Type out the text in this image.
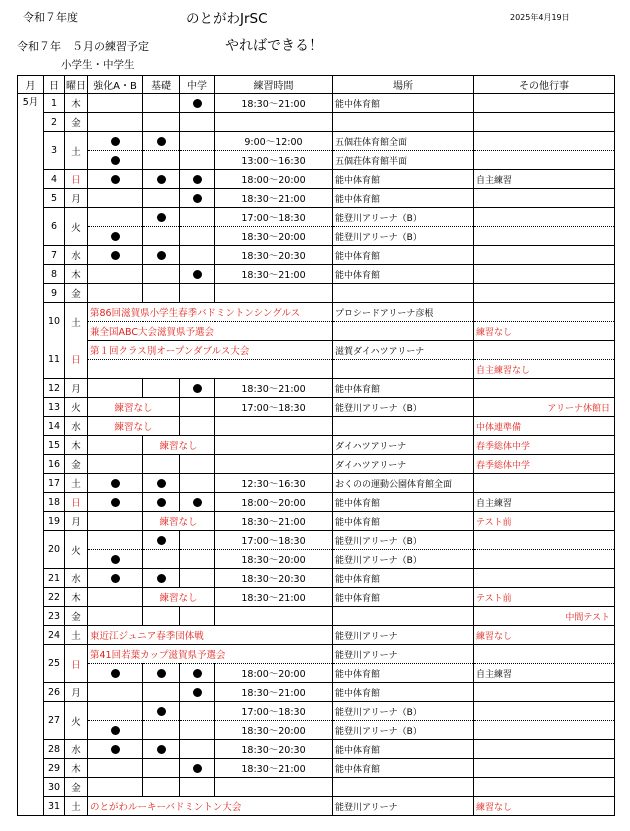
令和７年度	のとがわJrSC	2025年4月19日
令和７年　５月の練習予定	やればできる！
小学生・中学生
月	日	曜日	強化A・B	基礎	中学	練習時間	場所	その他行事
5月	1	木				18:30～21:00	能中体育館	
	2	金						
	3	土				9:00～12:00	五個荘体育館全面	
						13:00～16:30	五個荘体育館半面	
	4	日				18:00～20:00	能中体育館	自主練習
	5	月				18:30～21:00	能中体育館	
	6	火				17:00～18:30	能登川アリーナ（B）	
						18:30～20:00	能登川アリーナ（B）	
	7	水				18:30～20:30	能中体育館	
	8	木				18:30～21:00	能中体育館	
	9	金						
	10	土	第86回滋賀県小学生春季バドミントンシングルス				プロシードアリーナ彦根	
			兼全国ABC大会滋賀県予選会					練習なし
	11	日	第１回クラス別オープンダブルス大会				滋賀ダイハツアリーナ	
								自主練習なし
	12	月				18:30～21:00	能中体育館	
	13	火	練習なし			17:00～18:30	能登川アリーナ（B）	アリーナ休館日
	14	水	練習なし					中体連準備
	15	木		練習なし			ダイハツアリーナ	春季総体中学
	16	金					ダイハツアリーナ	春季総体中学
	17	土				12:30～16:30	おくのの運動公園体育館全面	
	18	日				18:00～20:00	能中体育館	自主練習
	19	月		練習なし		18:30～21:00	能中体育館	テスト前
	20	火				17:00～18:30	能登川アリーナ（B）	
						18:30～20:00	能登川アリーナ（B）	
	21	水				18:30～20:30	能中体育館	
	22	木		練習なし		18:30～21:00	能中体育館	テスト前
	23	金						中間テスト
	24	土	東近江ジュニア春季団体戦				能登川アリーナ	練習なし
	25	日	第41回若葉カップ滋賀県予選会				能登川アリーナ	
						18:00～20:00	能中体育館	自主練習
	26	月				18:30～21:00	能中体育館	
	27	火				17:00～18:30	能登川アリーナ（B）	
						18:30～20:00	能登川アリーナ（B）	
	28	水				18:30～20:30	能中体育館	
	29	木				18:30～21:00	能中体育館	
	30	金						
	31	土	のとがわルーキーバドミントン大会				能登川アリーナ	練習なし
